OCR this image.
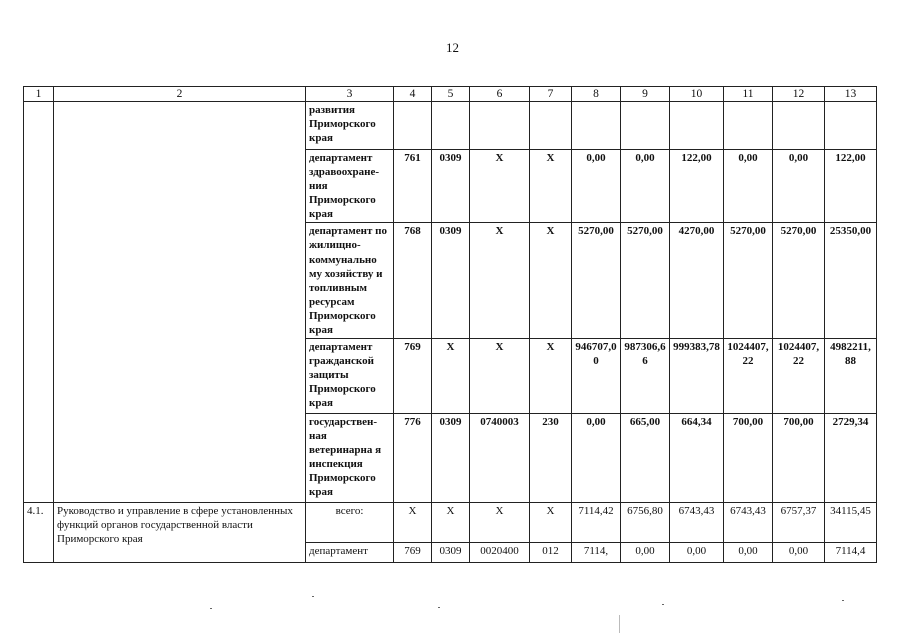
12
1	2	3	4	5	6	7	8	9	10	11	12	13
		развития Приморского края										
		департамент здравоохране-ния Приморского края	761	0309	Х	Х	0,00	0,00	122,00	0,00	0,00	122,00
		департамент по жилищно-коммунально му хозяйству и топливным ресурсам Приморского края	768	0309	Х	Х	5270,00	5270,00	4270,00	5270,00	5270,00	25350,00
		департамент гражданской защиты Приморского края	769	Х	Х	Х	946707,00	987306,66	999383,78	1024407,22	1024407,22	4982211,88
		государствен-ная ветеринарна я инспекция Приморского края	776	0309	0740003	230	0,00	665,00	664,34	700,00	700,00	2729,34
4.1.	Руководство и управление в сфере установленных функций органов государственной власти Приморского края	всего:	Х	Х	Х	Х	7114,42	6756,80	6743,43	6743,43	6757,37	34115,45
		департамент	769	0309	0020400	012	7114,	0,00	0,00	0,00	0,00	7114,4
